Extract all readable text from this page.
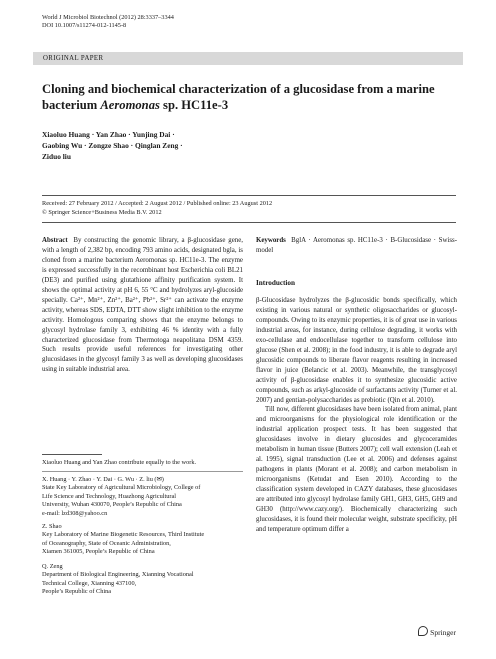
World J Microbiol Biotechnol (2012) 28:3337–3344
DOI 10.1007/s11274-012-1145-8
ORIGINAL PAPER
Cloning and biochemical characterization of a glucosidase from a marine bacterium Aeromonas sp. HC11e-3
Xiaoluo Huang · Yan Zhao · Yunjing Dai ·
Gaobing Wu · Zongze Shao · Qinglan Zeng ·
Ziduo liu
Received: 27 February 2012 / Accepted: 2 August 2012 / Published online: 23 August 2012
© Springer Science+Business Media B.V. 2012

Abstract By constructing the genomic library, a β-glucosidase gene, with a length of 2,382 bp, encoding 793 amino acids, designated bgla, is cloned from a marine bacterium Aeromonas sp. HC11e-3. The enzyme is expressed successfully in the recombinant host Escherichia coli BL21 (DE3) and purified using glutathione affinity purification system. It shows the optimal activity at pH 6, 55 °C and hydrolyzes aryl-glucoside specially. Ca²⁺, Mn²⁺, Zn²⁺, Ba²⁺, Pb²⁺, Sr²⁺ can activate the enzyme activity, whereas SDS, EDTA, DTT show slight inhibition to the enzyme activity. Homologous comparing shows that the enzyme belongs to glycosyl hydrolase family 3, exhibiting 46 % identity with a fully characterized glucosidase from Thermotoga neapolitana DSM 4359. Such results provide useful references for investigating other glucosidases in the glycosyl family 3 as well as developing glucosidases using in suitable industrial area.

Xiaoluo Huang and Yan Zhao contribute equally to the work.
X. Huang · Y. Zhao · Y. Dai · G. Wu · Z. liu (✉)
State Key Laboratory of Agricultural Microbiology, College of
Life Science and Technology, Huazhong Agricultural
University, Wuhan 430070, People’s Republic of China
e-mail: lzd308@yahoo.cn
Z. Shao
Key Laboratory of Marine Biogenetic Resources, Third Institute
of Oceanography, State of Oceanic Administration,
Xiamen 361005, People’s Republic of China
Q. Zeng
Department of Biological Engineering, Xianning Vocational
Technical College, Xianning 437100,
People’s Republic of China

Keywords BglA · Aeromonas sp. HC11e-3 · B-Glucosidase · Swiss-model

Introduction

β-Glucosidase hydrolyzes the β-glucosidic bonds specifically, which existing in various natural or synthetic oligosaccharides or glucosyl-compounds. Owing to its enzymic properties, it is of great use in various industrial areas, for instance, during cellulose degrading, it works with exo-cellulase and endocellulase together to transform cellulose into glucose (Shen et al. 2008); in the food industry, it is able to degrade aryl glucosidic compounds to liberate flavor reagents resulting in increased flavor in juice (Belancic et al. 2003). Meanwhile, the transglycosyl activity of β-glucosidase enables it to synthesize glucosidic active compounds, such as arkyl-glucoside of surfactants activity (Turner et al. 2007) and gentian-polysaccharides as prebiotic (Qin et al. 2010).

Till now, different glucosidases have been isolated from animal, plant and microorganisms for the physiological role identification or the industrial application prospect tests. It has been suggested that glucosidases involve in dietary glucosides and glycoceramides metabolism in human tissue (Butters 2007); cell wall extension (Leah et al. 1995), signal transduction (Lee et al. 2006) and defenses against pathogens in plants (Morant et al. 2008); and carbon metabolism in microorganisms (Ketudat and Esen 2010). According to the classification system developed in CAZY databases, these glucosidases are attributed into glycosyl hydrolase family GH1, GH3, GH5, GH9 and GH30 (http://www.cazy.org/). Biochemically characterizing such glucosidases, it is found their molecular weight, substrate specificity, pH and temperature optimum differ a

Springer
